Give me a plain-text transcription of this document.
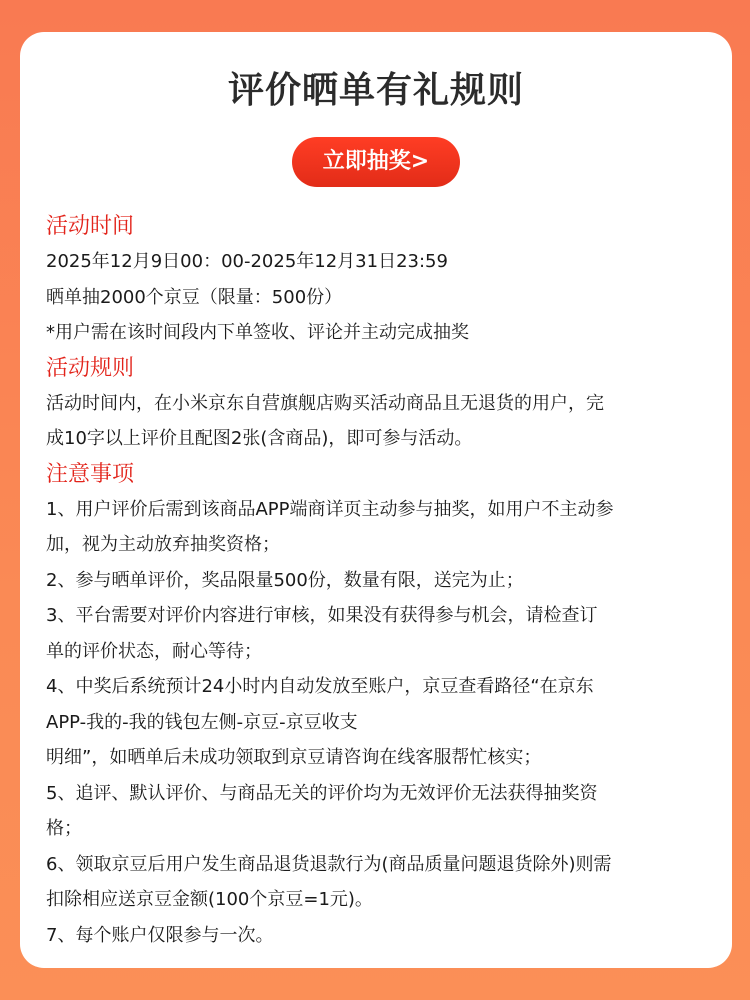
评价晒单有礼规则
立即抽奖>

活动时间

2025年12月9日00：00-2025年12月31日23:59

晒单抽2000个京豆（限量：500份）

*用户需在该时间段内下单签收、评论并主动完成抽奖

活动规则

活动时间内，在小米京东自营旗舰店购买活动商品且无退货的用户，完

成10字以上评价且配图2张(含商品)，即可参与活动。

注意事项

1、用户评价后需到该商品APP端商详页主动参与抽奖，如用户不主动参

加，视为主动放弃抽奖资格；

2、参与晒单评价，奖品限量500份，数量有限，送完为止；

3、平台需要对评价内容进行审核，如果没有获得参与机会，请检查订

单的评价状态，耐心等待；

4、中奖后系统预计24小时内自动发放至账户，京豆查看路径“在京东

APP-我的-我的钱包左侧-京豆-京豆收支

明细”，如晒单后未成功领取到京豆请咨询在线客服帮忙核实；

5、追评、默认评价、与商品无关的评价均为无效评价无法获得抽奖资

格；

6、领取京豆后用户发生商品退货退款行为(商品质量问题退货除外)则需

扣除相应送京豆金额(100个京豆=1元)。

7、每个账户仅限参与一次。
